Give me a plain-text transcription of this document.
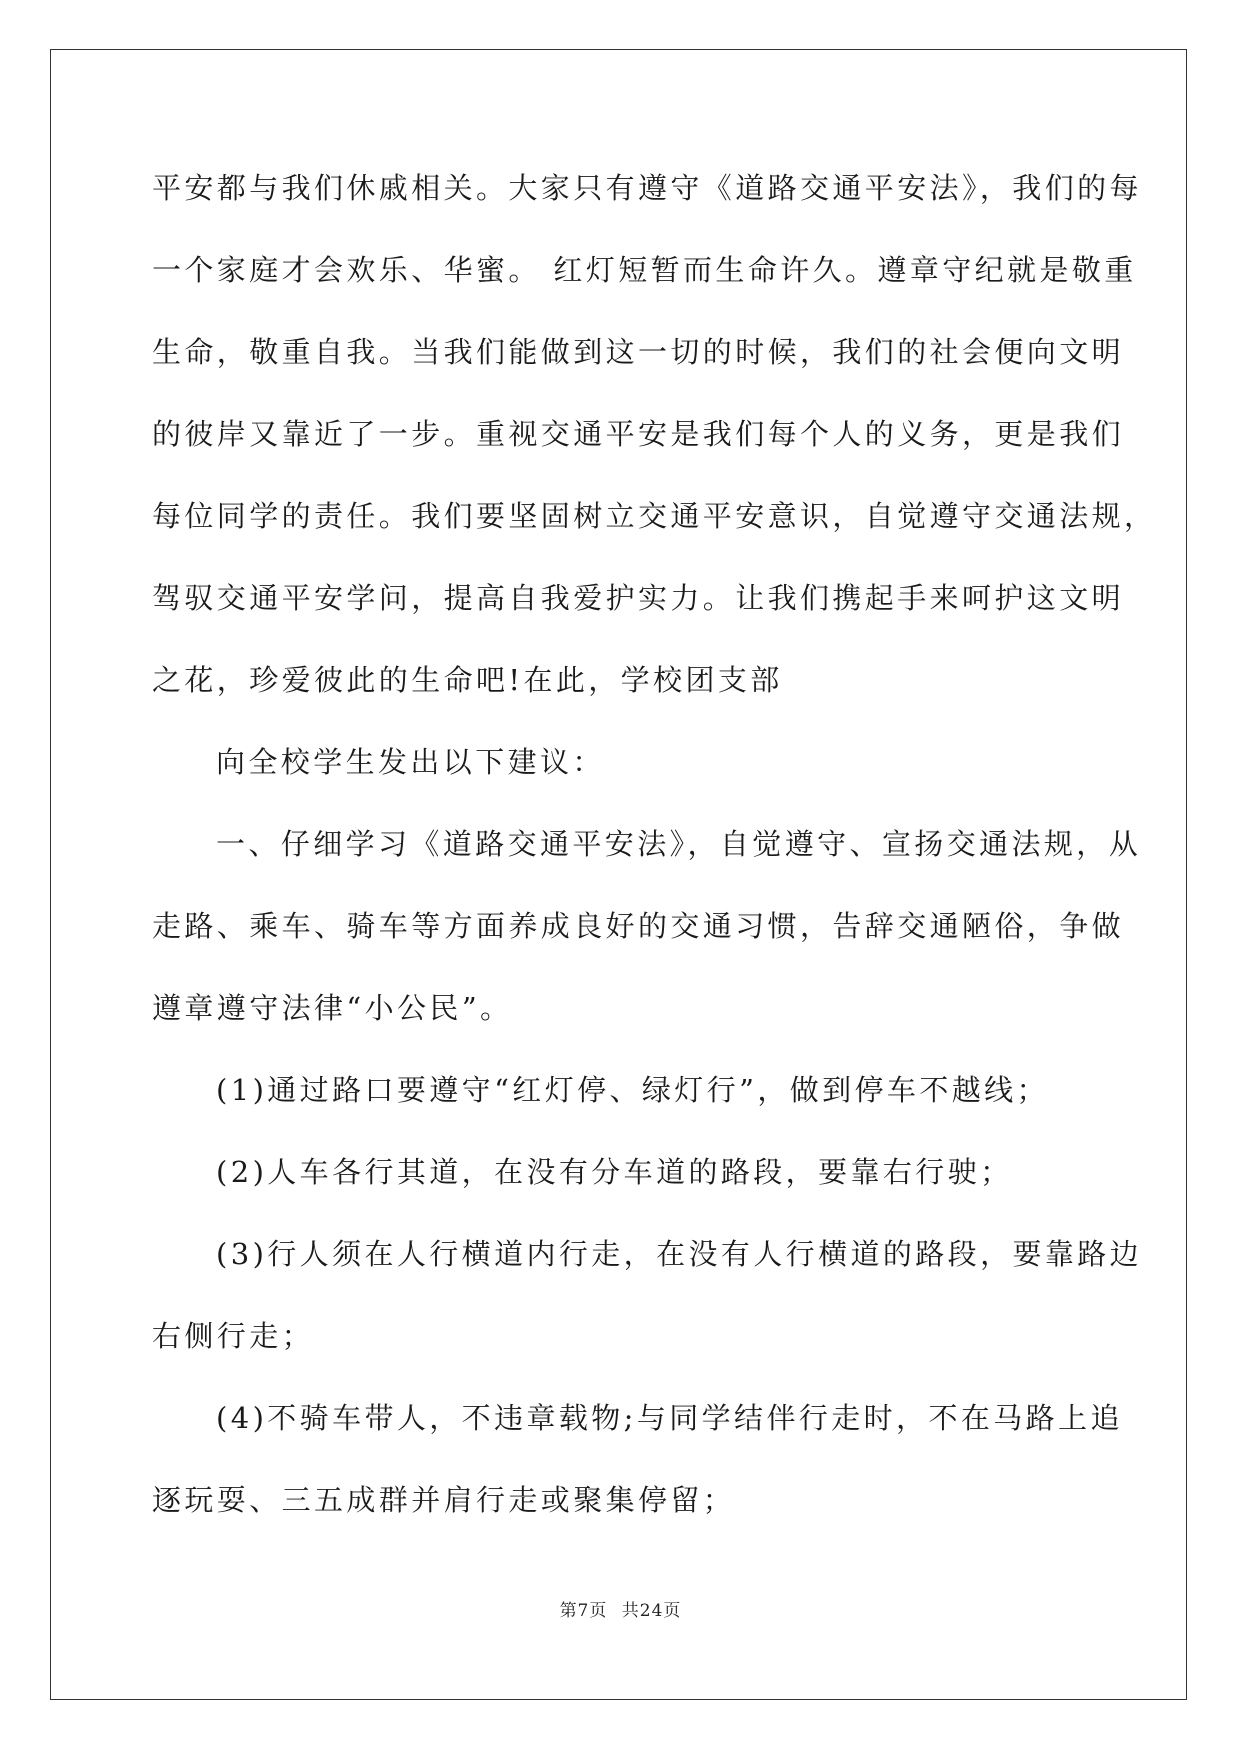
平安都与我们休戚相关。大家只有遵守《道路交通平安法》，我们的每
一个家庭才会欢乐、华蜜。 红灯短暂而生命许久。遵章守纪就是敬重
生命，敬重自我。当我们能做到这一切的时候，我们的社会便向文明
的彼岸又靠近了一步。重视交通平安是我们每个人的义务，更是我们
每位同学的责任。我们要坚固树立交通平安意识，自觉遵守交通法规，
驾驭交通平安学问，提高自我爱护实力。让我们携起手来呵护这文明
之花，珍爱彼此的生命吧!在此，学校团支部
向全校学生发出以下建议：
一、仔细学习《道路交通平安法》，自觉遵守、宣扬交通法规，从
走路、乘车、骑车等方面养成良好的交通习惯，告辞交通陋俗，争做
遵章遵守法律“小公民”。
(1)通过路口要遵守“红灯停、绿灯行”，做到停车不越线；
(2)人车各行其道，在没有分车道的路段，要靠右行驶；
(3)行人须在人行横道内行走，在没有人行横道的路段，要靠路边
右侧行走；
(4)不骑车带人，不违章载物;与同学结伴行走时，不在马路上追
逐玩耍、三五成群并肩行走或聚集停留；
第7页 共24页
